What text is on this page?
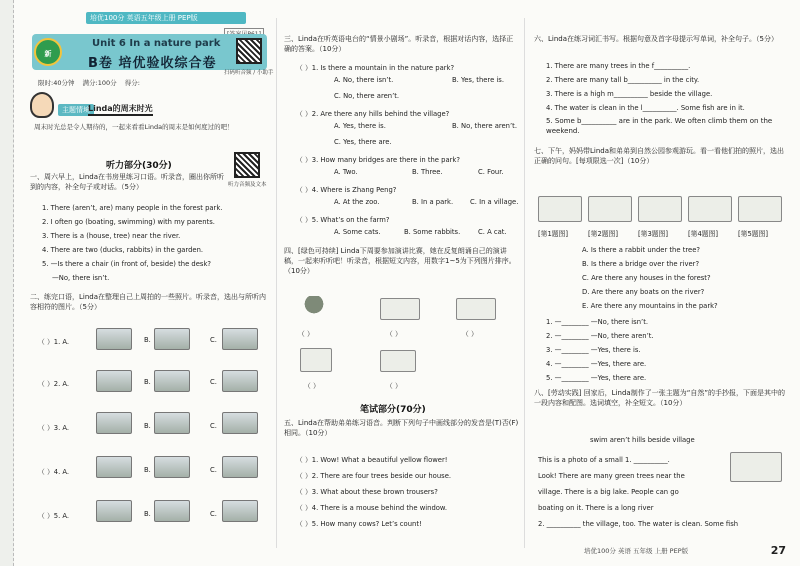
培优100分 英语五年级上册 PEP版
新
Unit 6 In a nature park
B卷 培优验收综合卷
扫码听音频 / 小助手
限时:40分钟 满分:100分 得分:
主题情境
Linda的周末时光
周末时光总是令人期待的，一起来看看Linda的周末是如何度过的吧！
听力部分(30分)
听力音频及文本
一、周六早上，Linda在书房里练习口语。听录音，圈出你所听到的内容，补全句子或对话。（5分）
1. There (aren’t, are) many people in the forest park.
2. I often go (boating, swimming) with my parents.
3. There is a (house, tree) near the river.
4. There are two (ducks, rabbits) in the garden.
5. —Is there a chair (in front of, beside) the desk?
—No, there isn’t.
二、练完口语，Linda在整理自己上周拍的一些照片。听录音，选出与所听内容相符的图片。（5分）
（ ）1. A.	B.	C.
（ ）2. A.	B.	C.
（ ）3. A.	B.	C.
（ ）4. A.	B.	C.
（ ）5. A.	B.	C.
三、Linda在听英语电台的“情景小剧场”。听录音，根据对话内容，选择正确的答案。（10分）
（ ）1. Is there a mountain in the nature park?
A. No, there isn’t.	B. Yes, there is.
C. No, there aren’t.
（ ）2. Are there any hills behind the village?
A. Yes, there is.	B. No, there aren’t.
C. Yes, there are.
（ ）3. How many bridges are there in the park?
A. Two.	B. Three.	C. Four.
（ ）4. Where is Zhang Peng?
A. At the zoo.	B. In a park. C. In a village.
（ ）5. What’s on the farm?
A. Some cats.	B. Some rabbits.	C. A cat.
四、[绿色可持续] Linda下周要参加演讲比赛，她在反复朗诵自己的演讲稿，一起来听听吧！听录音，根据短文内容，用数字1~5为下列图片排序。（10分）
（ ）	（ ）	（ ）
（ ）	（ ）
笔试部分(70分)
五、Linda在帮助弟弟练习语音。判断下列句子中画线部分的发音是(T)否(F)相同。（10分）
（ ）1. Wow! What a beautiful yellow flower!
（ ）2. There are four trees beside our house.
（ ）3. What about these brown trousers?
（ ）4. There is a mouse behind the window.
（ ）5. How many cows? Let’s count!
六、Linda在练习词汇书写。根据句意及首字母提示写单词，补全句子。（5分）
1. There are many trees in the f__________.
2. There are many tall b__________ in the city.
3. There is a high m__________ beside the village.
4. The water is clean in the l__________. Some fish are in it.
5. Some b__________ are in the park. We often climb them on the weekend.
七、下午，妈妈带Linda和弟弟到自然公园参观游玩。看一看他们拍的照片，选出正确的问句。[每项限选一次]（10分）
[第1题图]	[第2题图]	[第3题图]	[第4题图]	[第5题图]
A. Is there a rabbit under the tree?
B. Is there a bridge over the river?
C. Are there any houses in the forest?
D. Are there any boats on the river?
E. Are there any mountains in the park?
1. —________ —No, there isn’t.
2. —________ —No, there aren’t.
3. —________ —Yes, there is.
4. —________ —Yes, there are.
5. —________ —Yes, there are.
八、[劳动实践] 回家后，Linda制作了一张主题为“自然”的手抄报，下面是其中的一段内容和配图。选词填空，补全短文。（10分）
swim aren’t hills beside village
This is a photo of a small 1. __________.
Look! There are many green trees near the
village. There is a big lake. People can go
boating on it. There is a long river
2. __________ the village, too. The water is clean. Some fish
培优100分 英语 五年级 上册 PEP版	27
